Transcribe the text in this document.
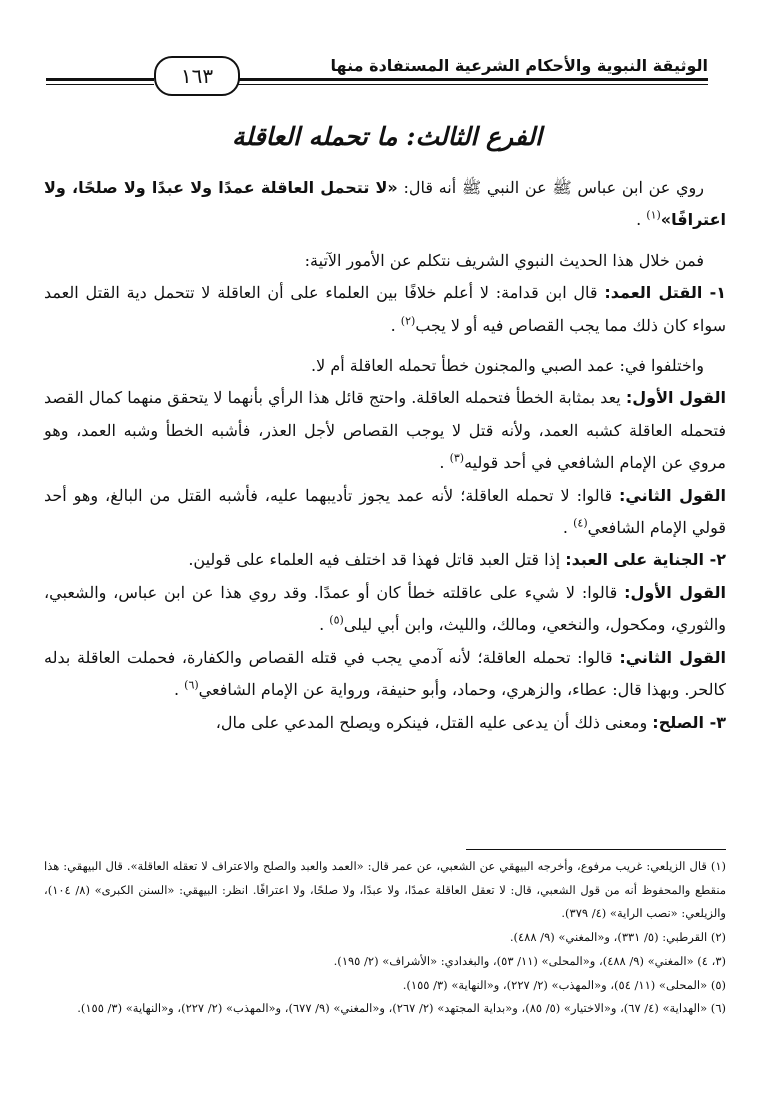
الوثيقة النبوية والأحكام الشرعية المستفادة منها
١٦٣
الفرع الثالث: ما تحمله العاقلة

روي عن ابن عباس ﷺ عن النبي ﷺ أنه قال: «لا تتحمل العاقلة عمدًا ولا عبدًا ولا صلحًا، ولا اعترافًا»$^{(١)}$ .

فمن خلال هذا الحديث النبوي الشريف نتكلم عن الأمور الآتية:

١- القتل العمد: قال ابن قدامة: لا أعلم خلافًا بين العلماء على أن العاقلة لا تتحمل دية القتل العمد سواء كان ذلك مما يجب القصاص فيه أو لا يجب$^{(٢)}$ .

واختلفوا في: عمد الصبي والمجنون خطأ تحمله العاقلة أم لا.

القول الأول: يعد بمثابة الخطأ فتحمله العاقلة. واحتج قائل هذا الرأي بأنهما لا يتحقق منهما كمال القصد فتحمله العاقلة كشبه العمد، ولأنه قتل لا يوجب القصاص لأجل العذر، فأشبه الخطأ وشبه العمد، وهو مروي عن الإمام الشافعي في أحد قوليه$^{(٣)}$ .

القول الثاني: قالوا: لا تحمله العاقلة؛ لأنه عمد يجوز تأديبهما عليه، فأشبه القتل من البالغ، وهو أحد قولي الإمام الشافعي$^{(٤)}$ .

٢- الجناية على العبد: إذا قتل العبد قاتل فهذا قد اختلف فيه العلماء على قولين.

القول الأول: قالوا: لا شيء على عاقلته خطأ كان أو عمدًا. وقد روي هذا عن ابن عباس، والشعبي، والثوري، ومكحول، والنخعي، ومالك، والليث، وابن أبي ليلى$^{(٥)}$ .

القول الثاني: قالوا: تحمله العاقلة؛ لأنه آدمي يجب في قتله القصاص والكفارة، فحملت العاقلة بدله كالحر. وبهذا قال: عطاء، والزهري، وحماد، وأبو حنيفة، ورواية عن الإمام الشافعي$^{(٦)}$ .

٣- الصلح: ومعنى ذلك أن يدعى عليه القتل، فينكره ويصلح المدعي على مال،

(١) قال الزيلعي: غريب مرفوع، وأخرجه البيهقي عن الشعبي، عن عمر قال: «العمد والعبد والصلح والاعتراف لا تعقله العاقلة». قال البيهقي: هذا منقطع والمحفوظ أنه من قول الشعبي، قال: لا تعقل العاقلة عمدًا، ولا عبدًا، ولا صلحًا، ولا اعترافًا. انظر: البيهقي: «السنن الكبرى» (٨/ ١٠٤)، والزيلعي: «نصب الراية» (٤/ ٣٧٩).

(٢) القرطبي: (٥/ ٣٣١)، و«المغني» (٩/ ٤٨٨).

(٣، ٤) «المغني» (٩/ ٤٨٨)، و«المحلى» (١١/ ٥٣)، والبغدادي: «الأشراف» (٢/ ١٩٥).

(٥) «المحلى» (١١/ ٥٤)، و«المهذب» (٢/ ٢٢٧)، و«النهاية» (٣/ ١٥٥).

(٦) «الهداية» (٤/ ٦٧)، و«الاختيار» (٥/ ٨٥)، و«بداية المجتهد» (٢/ ٢٦٧)، و«المغني» (٩/ ٦٧٧)، و«المهذب» (٢/ ٢٢٧)، و«النهاية» (٣/ ١٥٥).
